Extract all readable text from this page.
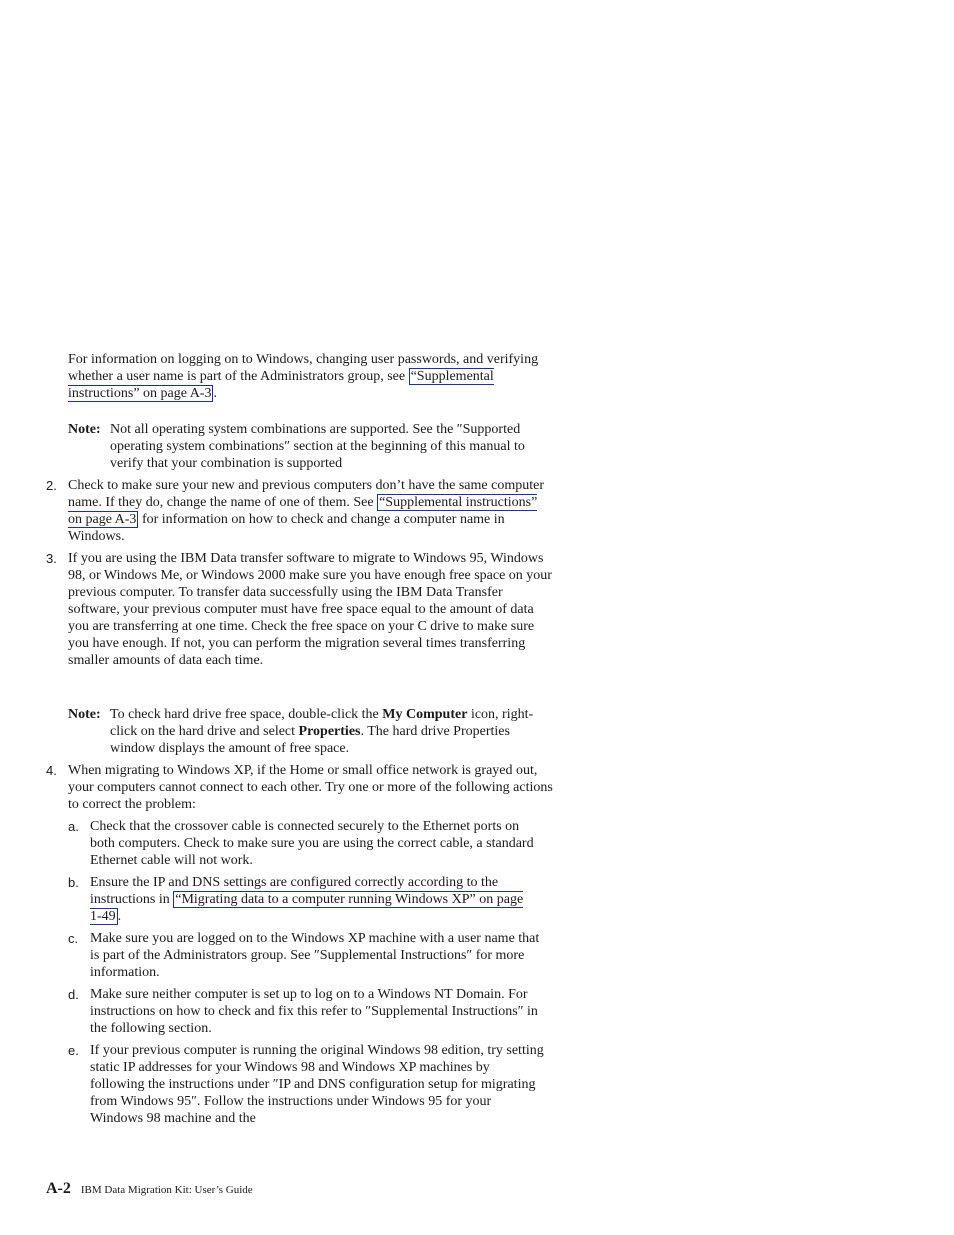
For information on logging on to Windows, changing user passwords, and verifying whether a user name is part of the Administrators group, see “Supplemental instructions” on page A-3 .
Note: Not all operating system combinations are supported. See the ″Supported operating system combinations″ section at the beginning of this manual to verify that your combination is supported
2. Check to make sure your new and previous computers don’t have the same computer name. If they do, change the name of one of them. See “Supplemental instructions” on page A-3 for information on how to check and change a computer name in Windows.
3. If you are using the IBM Data transfer software to migrate to Windows 95, Windows 98, or Windows Me, or Windows 2000 make sure you have enough free space on your previous computer. To transfer data successfully using the IBM Data Transfer software, your previous computer must have free space equal to the amount of data you are transferring at one time. Check the free space on your C drive to make sure you have enough. If not, you can perform the migration several times transferring smaller amounts of data each time.
Note: To check hard drive free space, double-click the My Computer icon, right-click on the hard drive and select Properties. The hard drive Properties window displays the amount of free space.
4. When migrating to Windows XP, if the Home or small office network is grayed out, your computers cannot connect to each other. Try one or more of the following actions to correct the problem:
a. Check that the crossover cable is connected securely to the Ethernet ports on both computers. Check to make sure you are using the correct cable, a standard Ethernet cable will not work.
b. Ensure the IP and DNS settings are configured correctly according to the instructions in “Migrating data to a computer running Windows XP” on page 1-49 .
c. Make sure you are logged on to the Windows XP machine with a user name that is part of the Administrators group. See ″Supplemental Instructions″ for more information.
d. Make sure neither computer is set up to log on to a Windows NT Domain. For instructions on how to check and fix this refer to ″Supplemental Instructions″ in the following section.
e. If your previous computer is running the original Windows 98 edition, try setting static IP addresses for your Windows 98 and Windows XP machines by following the instructions under ″IP and DNS configuration setup for migrating from Windows 95″. Follow the instructions under Windows 95 for your Windows 98 machine and the
A-2 IBM Data Migration Kit: User’s Guide
